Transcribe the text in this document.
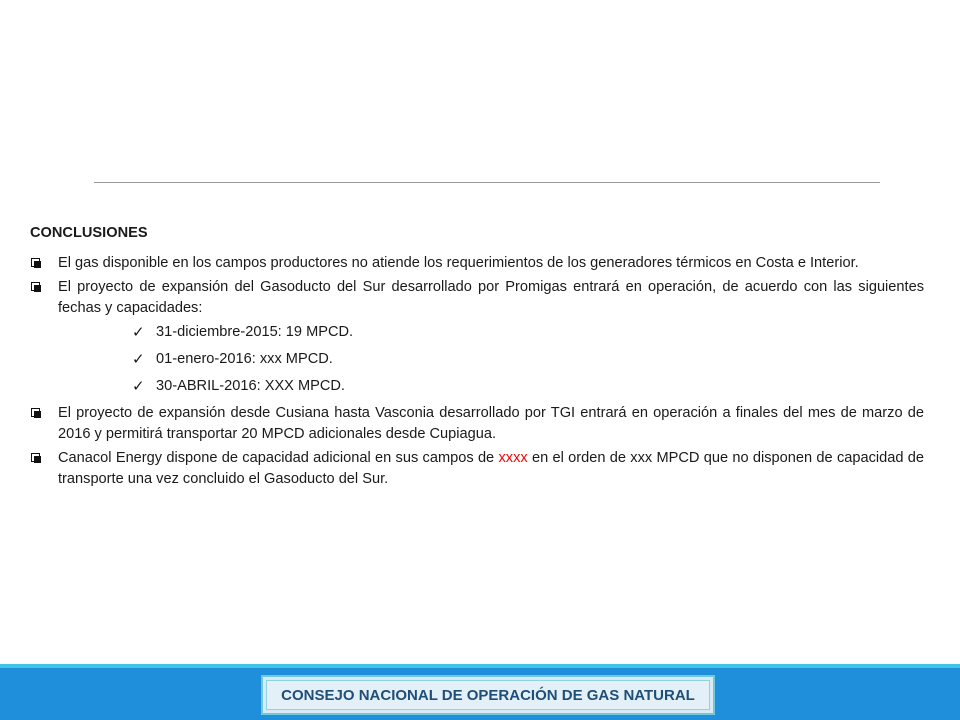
CONCLUSIONES
El gas disponible en los campos productores no atiende los requerimientos de los generadores térmicos en Costa e Interior.
El proyecto de expansión del Gasoducto del Sur desarrollado por Promigas entrará en operación, de acuerdo con las siguientes fechas y capacidades:
✓ 31-diciembre-2015: 19 MPCD.
✓ 01-enero-2016: xxx MPCD.
✓ 30-ABRIL-2016: XXX MPCD.
El proyecto de expansión desde Cusiana hasta Vasconia desarrollado por TGI entrará en operación a finales del mes de marzo de 2016 y permitirá transportar 20 MPCD adicionales desde Cupiagua.
Canacol Energy dispone de capacidad adicional en sus campos de xxxx en el orden de xxx MPCD que no disponen de capacidad de transporte una vez concluido el Gasoducto del Sur.
CONSEJO NACIONAL DE OPERACIÓN DE GAS NATURAL
